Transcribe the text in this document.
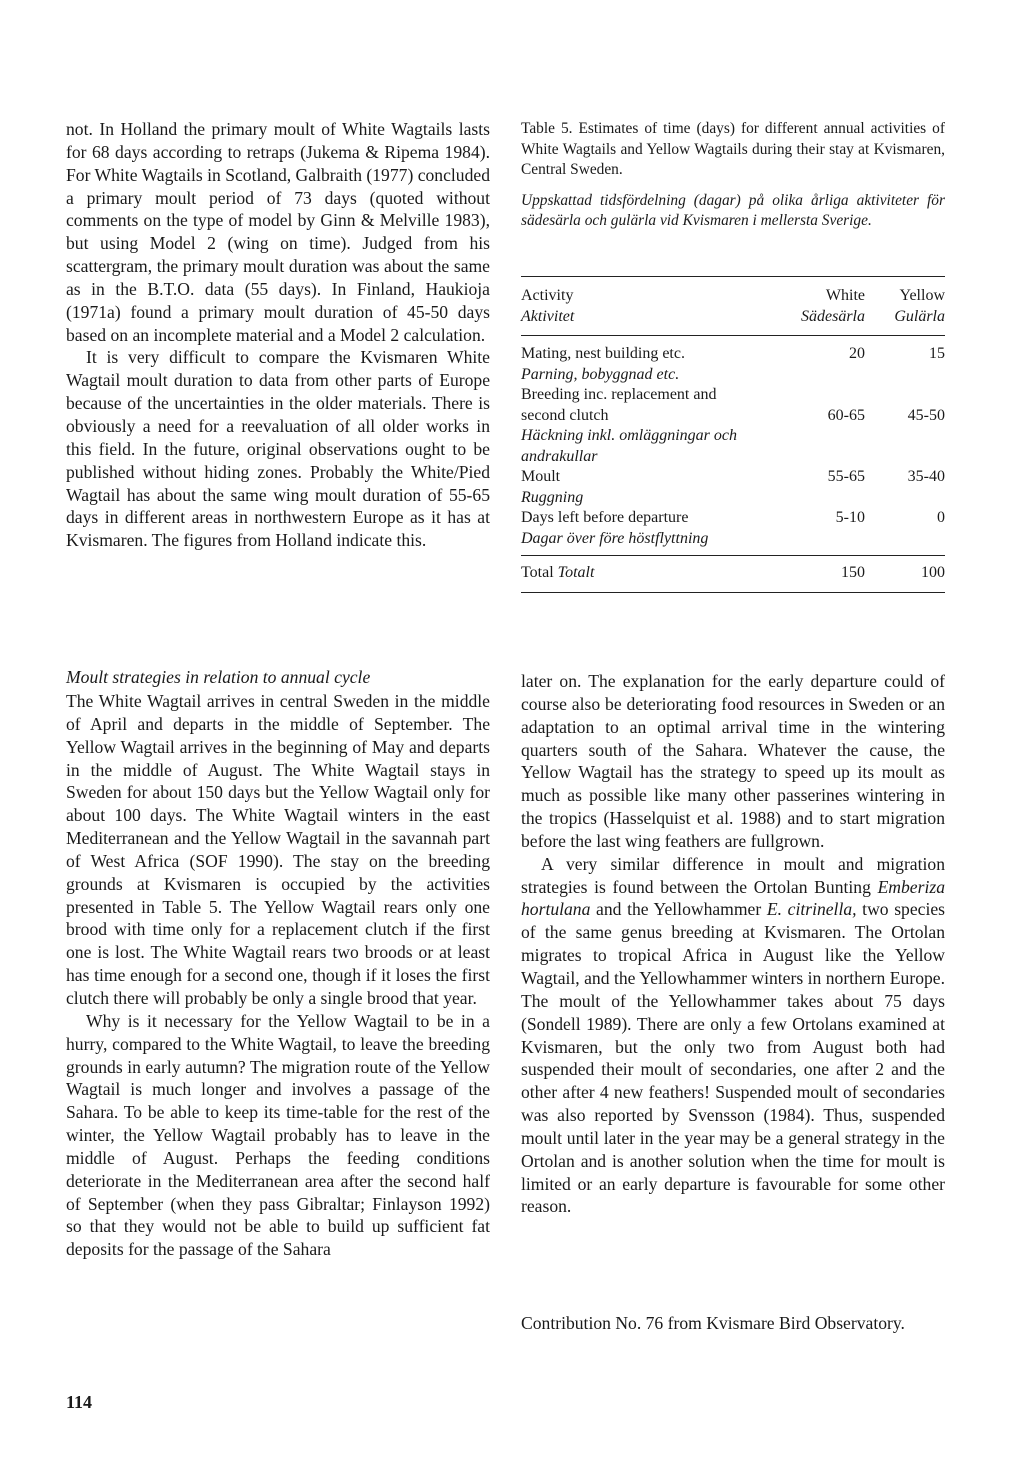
not. In Holland the primary moult of White Wagtails lasts for 68 days according to retraps (Jukema & Ripema 1984). For White Wagtails in Scotland, Galbraith (1977) concluded a primary moult period of 73 days (quoted without comments on the type of model by Ginn & Melville 1983), but using Model 2 (wing on time). Judged from his scattergram, the primary moult duration was about the same as in the B.T.O. data (55 days). In Finland, Haukioja (1971a) found a primary moult duration of 45-50 days based on an incomplete material and a Model 2 calculation.

It is very difficult to compare the Kvismaren White Wagtail moult duration to data from other parts of Europe because of the uncertainties in the older materials. There is obviously a need for a reevaluation of all older works in this field. In the future, original observations ought to be published without hiding zones. Probably the White/Pied Wagtail has about the same wing moult duration of 55-65 days in different areas in northwestern Europe as it has at Kvismaren. The figures from Holland indicate this.

Table 5. Estimates of time (days) for different annual activities of White Wagtails and Yellow Wagtails during their stay at Kvismaren, Central Sweden.

Uppskattad tidsfördelning (dagar) på olika årliga aktiviteter för sädesärla och gulärla vid Kvismaren i mellersta Sverige.

Activity	White	Yellow
Aktivitet	Sädesärla	Gulärla
Mating, nest building etc.	20	15
Parning, bobyggnad etc.
Breeding inc. replacement and
second clutch	60-65	45-50
Häckning inkl. omläggningar och
andrakullar
Moult	55-65	35-40
Ruggning
Days left before departure	5-10	0
Dagar över före höstflyttning
Total Totalt	150	100

Moult strategies in relation to annual cycle

The White Wagtail arrives in central Sweden in the middle of April and departs in the middle of September. The Yellow Wagtail arrives in the beginning of May and departs in the middle of August. The White Wagtail stays in Sweden for about 150 days but the Yellow Wagtail only for about 100 days. The White Wagtail winters in the east Mediterranean and the Yellow Wagtail in the savannah part of West Africa (SOF 1990). The stay on the breeding grounds at Kvismaren is occupied by the activities presented in Table 5. The Yellow Wagtail rears only one brood with time only for a replacement clutch if the first one is lost. The White Wagtail rears two broods or at least has time enough for a second one, though if it loses the first clutch there will probably be only a single brood that year.

Why is it necessary for the Yellow Wagtail to be in a hurry, compared to the White Wagtail, to leave the breeding grounds in early autumn? The migration route of the Yellow Wagtail is much longer and involves a passage of the Sahara. To be able to keep its time-table for the rest of the winter, the Yellow Wagtail probably has to leave in the middle of August. Perhaps the feeding conditions deteriorate in the Mediterranean area after the second half of September (when they pass Gibraltar; Finlayson 1992) so that they would not be able to build up sufficient fat deposits for the passage of the Sahara

later on. The explanation for the early departure could of course also be deteriorating food resources in Sweden or an adaptation to an optimal arrival time in the wintering quarters south of the Sahara. Whatever the cause, the Yellow Wagtail has the strategy to speed up its moult as much as possible like many other passerines wintering in the tropics (Hasselquist et al. 1988) and to start migration before the last wing feathers are fullgrown.

A very similar difference in moult and migration strategies is found between the Ortolan Bunting Emberiza hortulana and the Yellowhammer E. citrinella, two species of the same genus breeding at Kvismaren. The Ortolan migrates to tropical Africa in August like the Yellow Wagtail, and the Yellowhammer winters in northern Europe. The moult of the Yellowhammer takes about 75 days (Sondell 1989). There are only a few Ortolans examined at Kvismaren, but the only two from August both had suspended their moult of secondaries, one after 2 and the other after 4 new feathers! Suspended moult of secondaries was also reported by Svensson (1984). Thus, suspended moult until later in the year may be a general strategy in the Ortolan and is another solution when the time for moult is limited or an early departure is favourable for some other reason.

Contribution No. 76 from Kvismare Bird Observatory.
114
